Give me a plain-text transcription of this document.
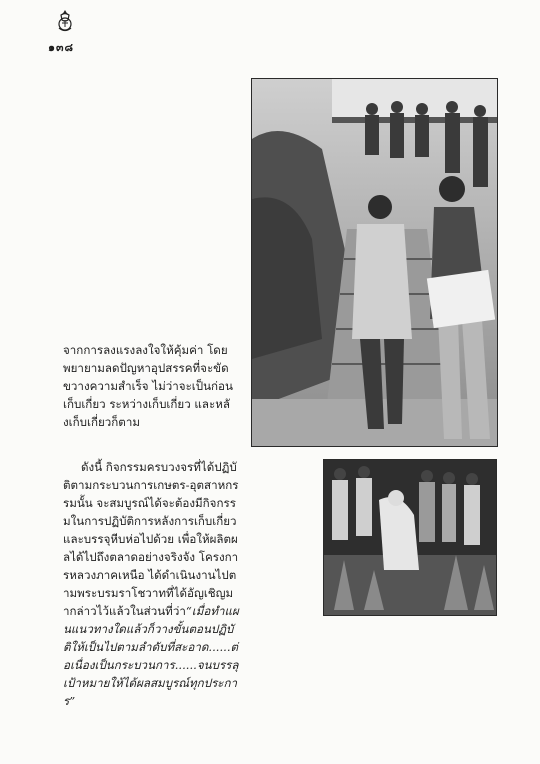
๑๓๘

จากการลงแรงลงใจให้คุ้มค่า โดยพยายามลดปัญหาอุปสรรคที่จะขัดขวางความสำเร็จ ไม่ว่าจะเป็นก่อนเก็บเกี่ยว ระหว่างเก็บเกี่ยว และหลังเก็บเกี่ยวก็ตาม

ดังนี้ กิจกรรมครบวงจรที่ได้ปฏิบัติตามกระบวนการเกษตร-อุตสาหกรรมนั้น จะสมบูรณ์ได้จะต้องมีกิจกรรมในการปฏิบัติการหลังการเก็บเกี่ยว และบรรจุหีบห่อไปด้วย เพื่อให้ผลิตผลได้ไปถึงตลาดอย่างจริงจัง โครงการหลวงภาคเหนือ ได้ดำเนินงานไปตามพระบรมราโชวาทที่ได้อัญเชิญมากล่าวไว้แล้วในส่วนที่ว่า“เมื่อทำแผนแนวทางใดแล้วก็วางขั้นตอนปฏิบัติให้เป็นไปตามลำดับที่สะอาด......ต่อเนื่องเป็นกระบวนการ......จนบรรลุเป้าหมายให้ได้ผลสมบูรณ์ทุกประการ”
